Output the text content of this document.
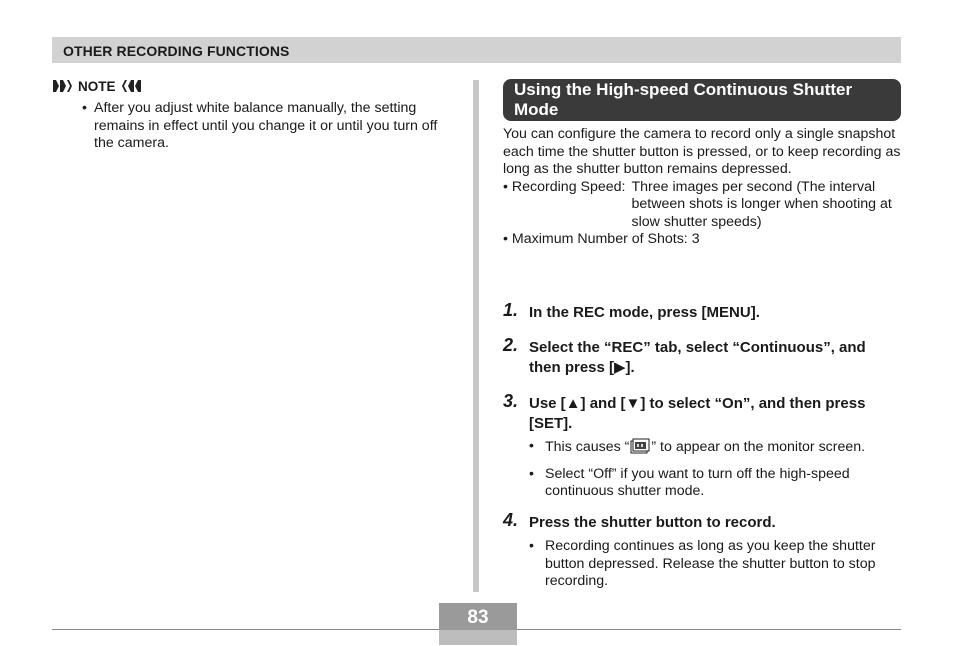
OTHER RECORDING FUNCTIONS
NOTE
• After you adjust white balance manually, the setting remains in effect until you change it or until you turn off the camera.
Using the High-speed Continuous Shutter Mode
You can configure the camera to record only a single snapshot each time the shutter button is pressed, or to keep recording as long as the shutter button remains depressed.
• Recording Speed: Three images per second (The interval between shots is longer when shooting at slow shutter speeds)
• Maximum Number of Shots: 3
1. In the REC mode, press [MENU].
2. Select the “REC” tab, select “Continuous”, and then press [▶].
3. Use [▲] and [▼] to select “On”, and then press [SET].
• This causes “ ” to appear on the monitor screen.
• Select “Off” if you want to turn off the high-speed continuous shutter mode.
4. Press the shutter button to record.
• Recording continues as long as you keep the shutter button depressed. Release the shutter button to stop recording.
83
